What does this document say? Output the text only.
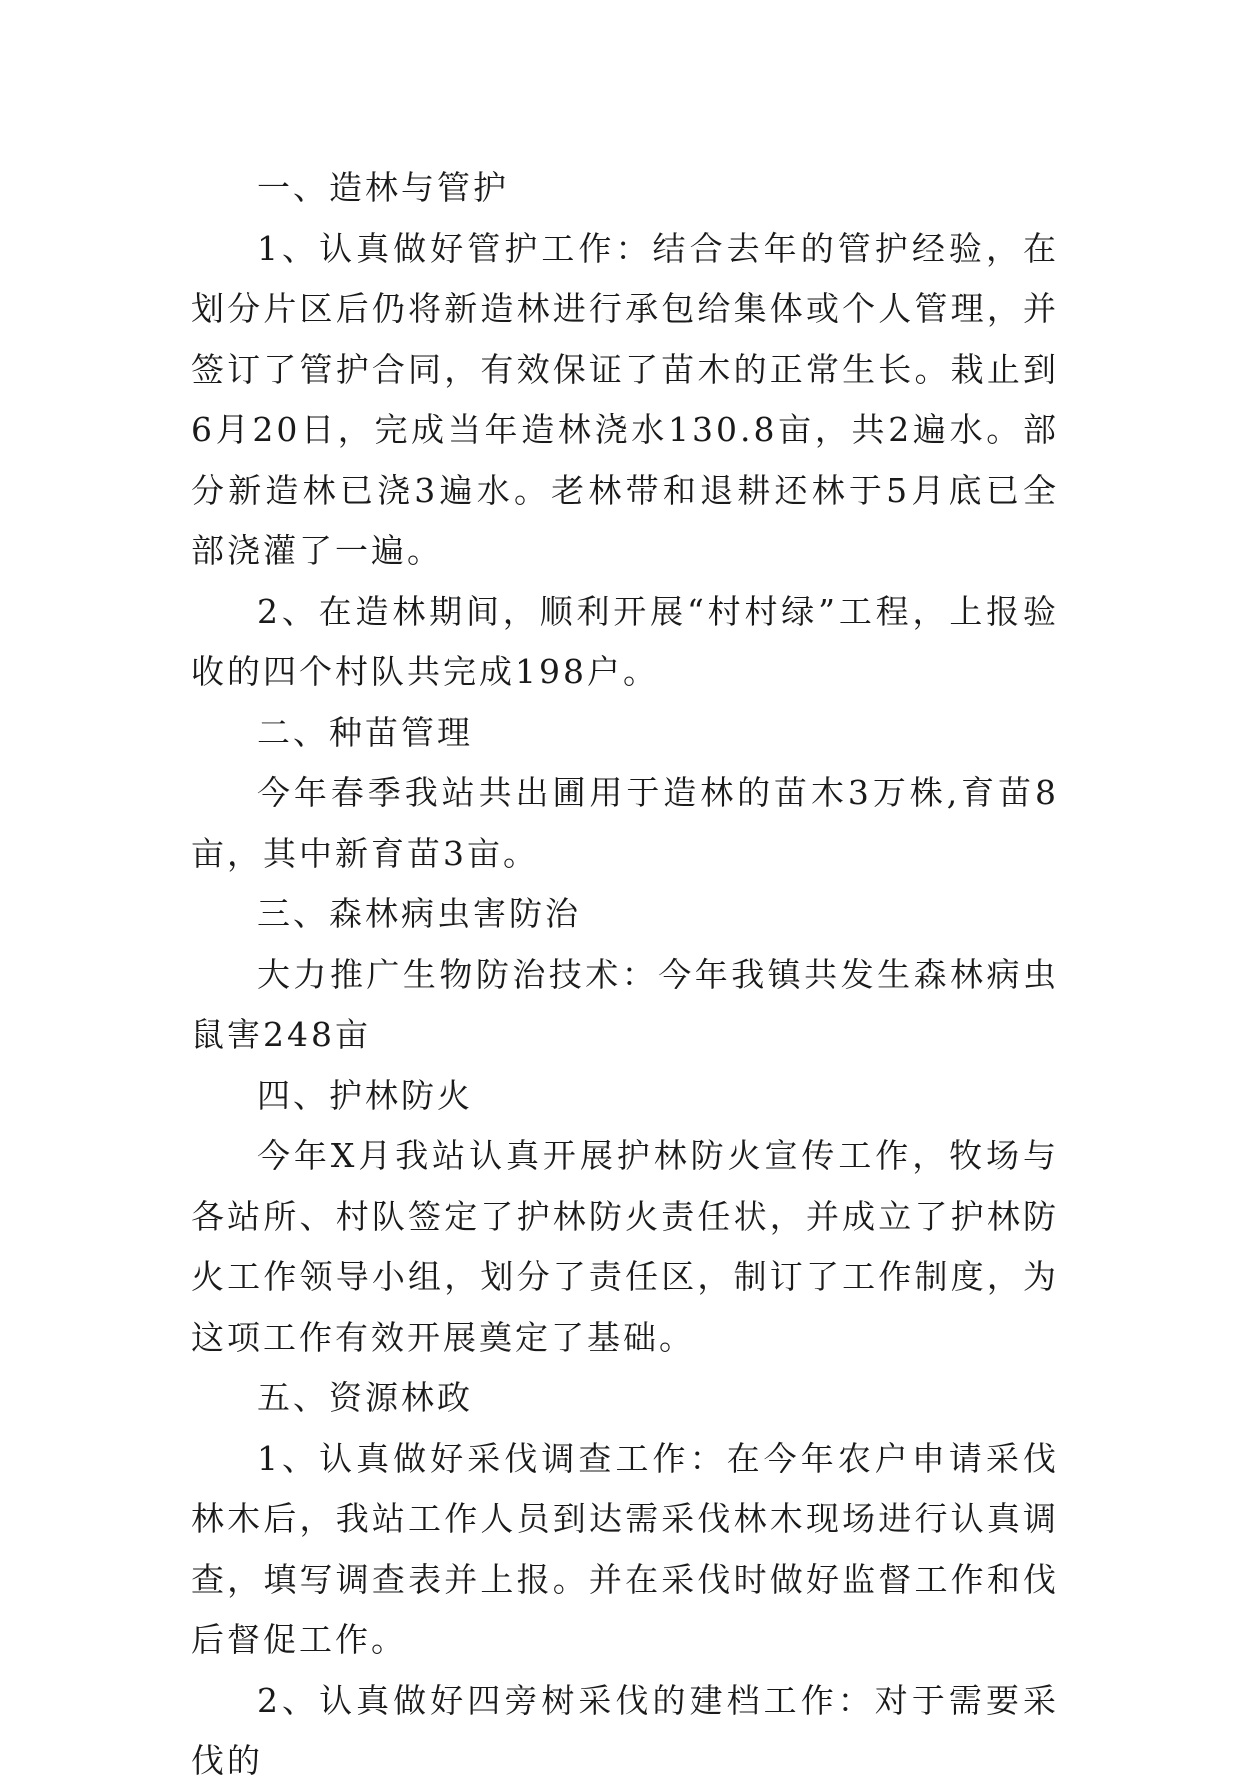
一、造林与管护

1、认真做好管护工作：结合去年的管护经验，在划分片区后仍将新造林进行承包给集体或个人管理，并签订了管护合同，有效保证了苗木的正常生长。栽止到6月20日，完成当年造林浇水130.8亩，共2遍水。部分新造林已浇3遍水。老林带和退耕还林于5月底已全部浇灌了一遍。

2、在造林期间，顺利开展“村村绿”工程，上报验收的四个村队共完成198户。

二、种苗管理

今年春季我站共出圃用于造林的苗木3万株,育苗8亩，其中新育苗3亩。

三、森林病虫害防治

大力推广生物防治技术：今年我镇共发生森林病虫鼠害248亩

四、护林防火

今年X月我站认真开展护林防火宣传工作，牧场与各站所、村队签定了护林防火责任状，并成立了护林防火工作领导小组，划分了责任区，制订了工作制度，为这项工作有效开展奠定了基础。

五、资源林政

1、认真做好采伐调查工作：在今年农户申请采伐林木后，我站工作人员到达需采伐林木现场进行认真调查，填写调查表并上报。并在采伐时做好监督工作和伐后督促工作。

2、认真做好四旁树采伐的建档工作：对于需要采伐的
